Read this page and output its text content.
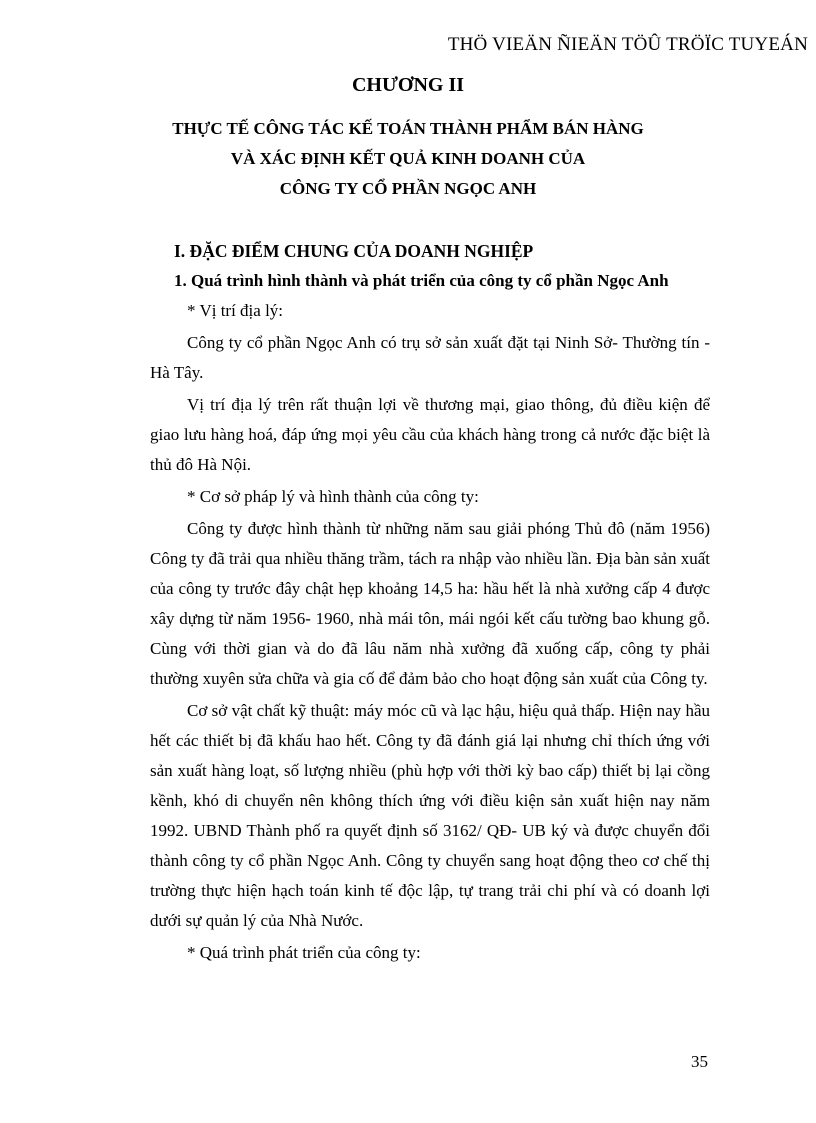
THÖ VIEÄN ÑIEÄN TÖÛ TRÖÏC TUYEÁN
CHƯƠNG II
THỰC TẾ CÔNG TÁC KẾ TOÁN THÀNH PHẨM BÁN HÀNG
VÀ XÁC ĐỊNH KẾT QUẢ KINH DOANH CỦA
CÔNG TY CỔ PHẦN NGỌC ANH

I. ĐẶC ĐIỂM CHUNG CỦA DOANH NGHIỆP

1. Quá trình hình thành và phát triển của công ty cổ phần Ngọc Anh

* Vị trí địa lý:

Công ty cổ phần Ngọc Anh có trụ sở sản xuất đặt tại Ninh Sở- Thường tín - Hà Tây.

Vị trí địa lý trên rất thuận lợi về thương mại, giao thông, đủ điều kiện để giao lưu hàng hoá, đáp ứng mọi yêu cầu của khách hàng trong cả nước đặc biệt là thủ đô Hà Nội.

* Cơ sở pháp lý và hình thành của công ty:

Công ty được hình thành từ những năm sau giải phóng Thủ đô (năm 1956) Công ty đã trải qua nhiều thăng trầm, tách ra nhập vào nhiều lần. Địa bàn sản xuất của công ty trước đây chật hẹp khoảng 14,5 ha: hầu hết là nhà xưởng cấp 4 được xây dựng từ năm 1956- 1960, nhà mái tôn, mái ngói kết cấu tường bao khung gỗ. Cùng với thời gian và do đã lâu năm nhà xưởng đã xuống cấp, công ty phải thường xuyên sửa chữa và gia cố để đảm bảo cho hoạt động sản xuất của Công ty.

Cơ sở vật chất kỹ thuật: máy móc cũ và lạc hậu, hiệu quả thấp. Hiện nay hầu hết các thiết bị đã khấu hao hết. Công ty đã đánh giá lại nhưng chỉ thích ứng với sản xuất hàng loạt, số lượng nhiều (phù hợp với thời kỳ bao cấp) thiết bị lại cồng kềnh, khó di chuyển nên không thích ứng với điều kiện sản xuất hiện nay năm 1992. UBND Thành phố ra quyết định số 3162/ QĐ- UB ký và được chuyển đổi thành công ty cổ phần Ngọc Anh. Công ty chuyển sang hoạt động theo cơ chế thị trường thực hiện hạch toán kinh tế độc lập, tự trang trải chi phí và có doanh lợi dưới sự quản lý của Nhà Nước.

* Quá trình phát triển của công ty:

35
